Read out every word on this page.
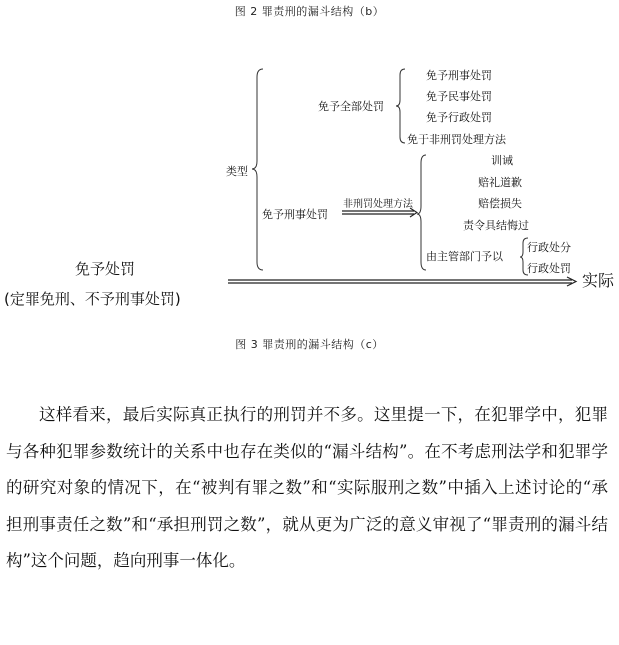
图 2 罪责刑的漏斗结构（b）
类型
免予全部处罚
免予刑事处罚
免予民事处罚
免予行政处罚
免于非刑罚处理方法
免予刑事处罚
非刑罚处理方法
训诫
赔礼道歉
赔偿损失
责令具结悔过
由主管部门予以
行政处分
行政处罚
免予处罚
(定罪免刑、不予刑事处罚)
实际
图 3 罪责刑的漏斗结构（c）

这样看来，最后实际真正执行的刑罚并不多。这里提一下，在犯罪学中，犯罪与各种犯罪参数统计的关系中也存在类似的“漏斗结构”。在不考虑刑法学和犯罪学的研究对象的情况下，在“被判有罪之数”和“实际服刑之数”中插入上述讨论的“承担刑事责任之数”和“承担刑罚之数”，就从更为广泛的意义审视了“罪责刑的漏斗结构”这个问题，趋向刑事一体化。
